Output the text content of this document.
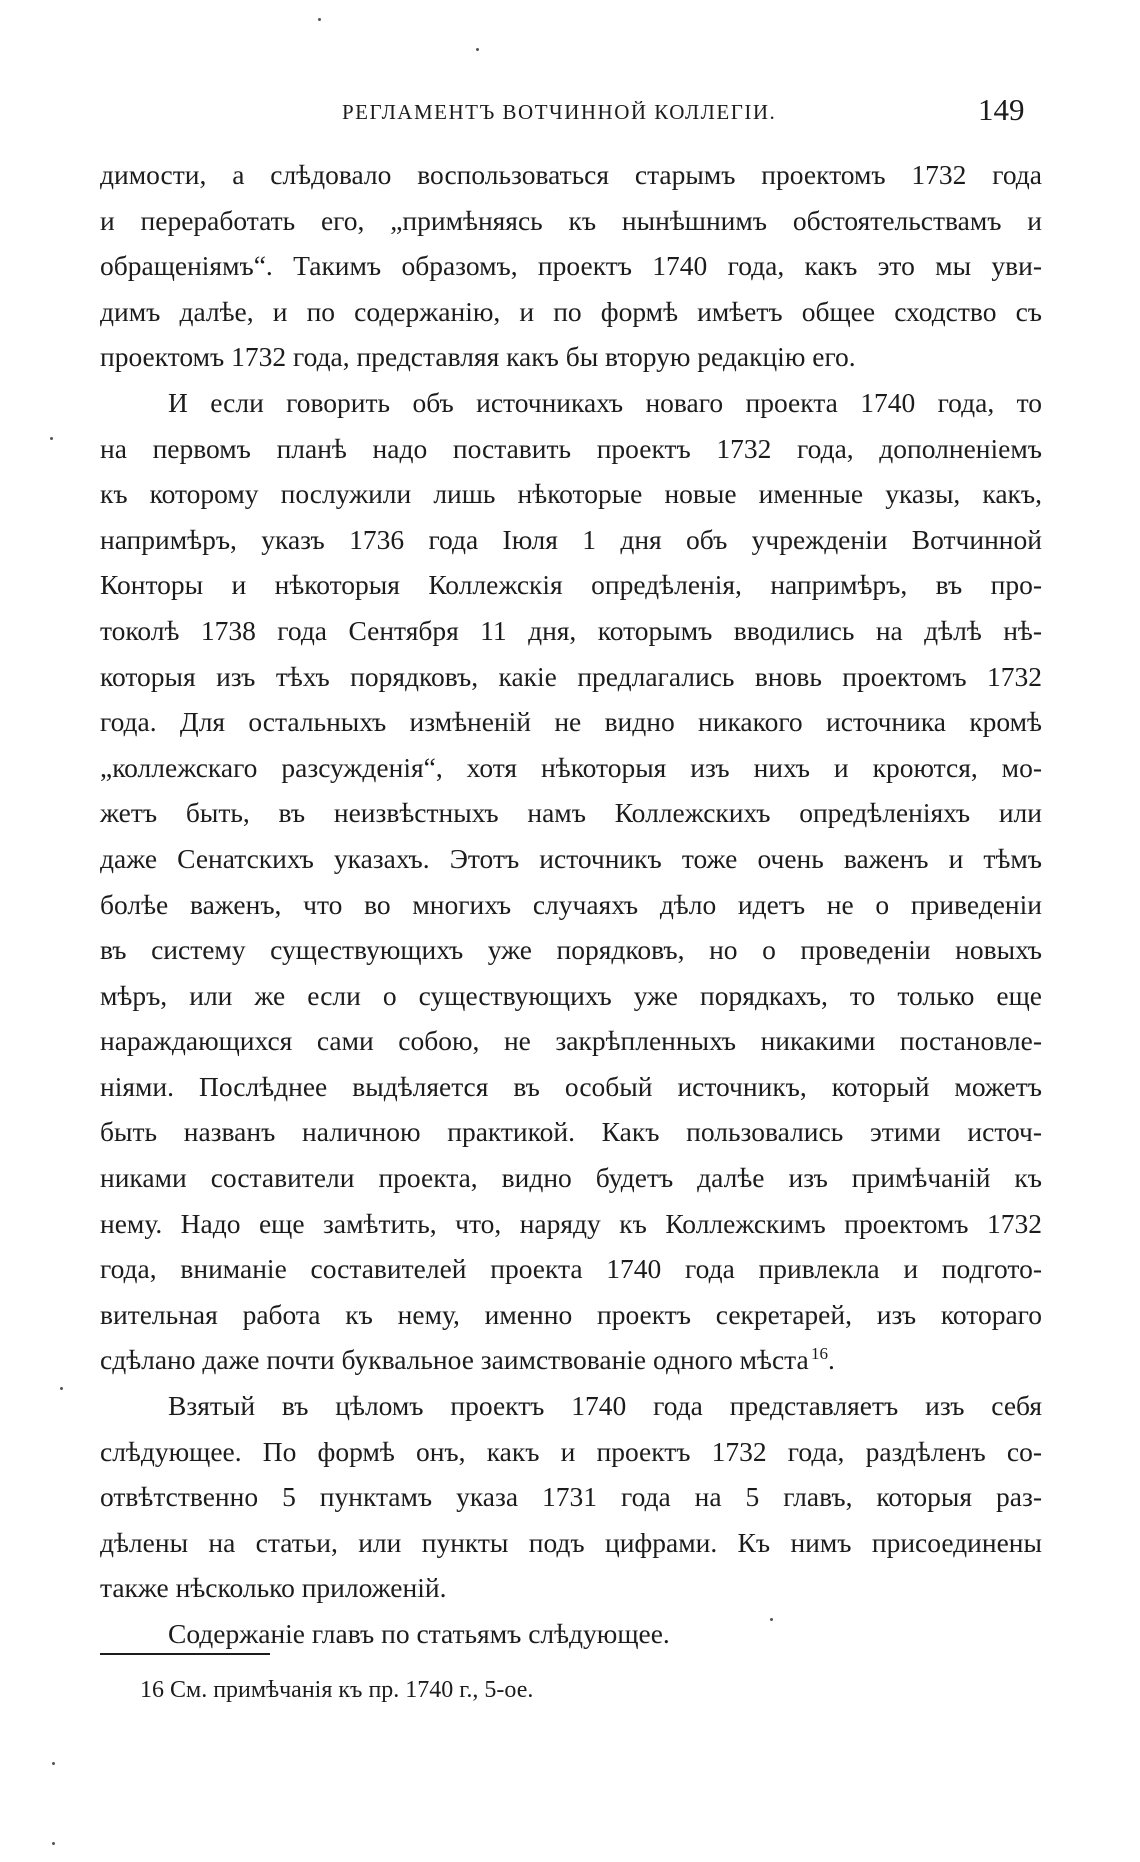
РЕГЛАМЕНТЪ ВОТЧИННОЙ КОЛЛЕГІИ.	149
димости, а слѣдовало воспользоваться старымъ проектомъ 1732 года
и переработать его, „примѣняясь къ нынѣшнимъ обстоятельствамъ и
обращеніямъ“. Такимъ образомъ, проектъ 1740 года, какъ это мы уви-
димъ далѣе, и по содержанію, и по формѣ имѣетъ общее сходство съ
проектомъ 1732 года, представляя какъ бы вторую редакцію его.
И если говорить объ источникахъ новаго проекта 1740 года, то
на первомъ планѣ надо поставить проектъ 1732 года, дополненіемъ
къ которому послужили лишь нѣкоторые новые именные указы, какъ,
напримѣръ, указъ 1736 года Іюля 1 дня объ учрежденіи Вотчинной
Конторы и нѣкоторыя Коллежскія опредѣленія, напримѣръ, въ про-
токолѣ 1738 года Сентября 11 дня, которымъ вводились на дѣлѣ нѣ-
которыя изъ тѣхъ порядковъ, какіе предлагались вновь проектомъ 1732
года. Для остальныхъ измѣненій не видно никакого источника кромѣ
„коллежскаго разсужденія“, хотя нѣкоторыя изъ нихъ и кроются, мо-
жетъ быть, въ неизвѣстныхъ намъ Коллежскихъ опредѣленіяхъ или
даже Сенатскихъ указахъ. Этотъ источникъ тоже очень важенъ и тѣмъ
болѣе важенъ, что во многихъ случаяхъ дѣло идетъ не о приведеніи
въ систему существующихъ уже порядковъ, но о проведеніи новыхъ
мѣръ, или же если о существующихъ уже порядкахъ, то только еще
нараждающихся сами собою, не закрѣпленныхъ никакими постановле-
ніями. Послѣднее выдѣляется въ особый источникъ, который можетъ
быть названъ наличною практикой. Какъ пользовались этими источ-
никами составители проекта, видно будетъ далѣе изъ примѣчаній къ
нему. Надо еще замѣтить, что, наряду къ Коллежскимъ проектомъ 1732
года, вниманіе составителей проекта 1740 года привлекла и подгото-
вительная работа къ нему, именно проектъ секретарей, изъ котораго
сдѣлано даже почти буквальное заимствованіе одного мѣста  $^{16}$.
Взятый въ цѣломъ проектъ 1740 года представляетъ изъ себя
слѣдующее. По формѣ онъ, какъ и проектъ 1732 года, раздѣленъ со-
отвѣтственно 5 пунктамъ указа 1731 года на 5 главъ, которыя раз-
дѣлены на статьи, или пункты подъ цифрами. Къ нимъ присоединены
также нѣсколько приложеній.
Содержаніе главъ по статьямъ слѣдующее.
16 См. примѣчанія къ пр. 1740 г., 5-ое.
